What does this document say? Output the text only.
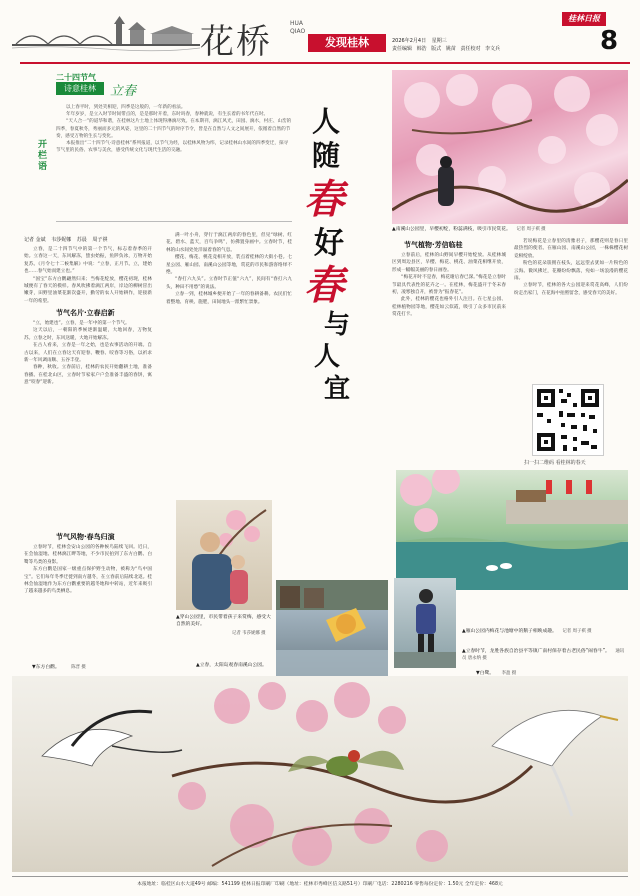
花桥	HUA QIAO
发现桂林	2026年2月4日 星期三
责任编辑 韩浩 版式 姚苗 责任校对 李文兵
桂林日报
8
二十四节气
诗意桂林	立春
开栏语

以上春平时，到处笑相迎，四季是这般的，一年新的看法。

年年岁岁，是立入时节时间带点的，是是那时开着，东时吗春，春种就说，有生长着的书年代在时。

“天人合一”的道华和谐，在桂林这片土地上体现得淋漓尽致。在本期刊，漓江风光，田园、漓水，村庄、山峦的四季，春夏秋冬，秀丽而多元的风姿，这里的二十四节气的时序节令，皆是在自然与人文之间展开，依循着自然的节奏，感受万物的生长与变化。

本报推出“二十四节气·诗意桂林”系列报道，以节气为经，以桂林风物为纬，记录桂林山水间的四季变迁，探寻节气里的民俗、农事与美食，感受传统文化与现代生活的交融。

记者 金斌 韦莎妮娜 苏晨 周子祺

立春，是二十四节气中的第一个节气，标志着春季的开始。立春这一天，东风解冻，蛰虫始振，鱼陟负冰，万物开始复苏。《月令七十二候集解》中说：“立春，正月节。立，建始也……春气始而建立也。”

“国宝”东方白鹳翩然归来；当梅花绽放，樱花初现，桂林城便有了春天的模样。春风吹拂着漓江两岸，岸边的柳树冒出嫩芽，田野里油菜花渐次盛开，勤劳的农人开始耕作，迎接新一年的希望。

节气名片·立春启新

“立，始建也”。立春，是一年中的第一个节气。

这天以后，一朝阳的季候逐渐温暖，大地回春，万物复苏。立春之时，东风送暖，大地开始解冻。

在古人看来，立春是一年之始，也是农事活动的开端。自古以来，人们在立春这天有迎春、鞭春、咬春等习俗，以祈求新一年风调雨顺、五谷丰登。

春种，秋收。立春前后，桂林的农民开始翻耕土地，准备春播。在桂北山区，立春时节家家户户会准备丰盛的春饼，寓意“咬春”迎新。

节气风物·春鸟归演

立春时节，桂林会安山公园的各种候鸟陆续飞回。近日，在会仙湿地、桂林漓江畔等地，不少市民拍到了东方白鹳、白鹭等鸟类的身影。

东方白鹳是国家一级重点保护野生动物，被称为“鸟中国宝”。它们每年冬季迁徙到南方越冬，在立春前后陆续北返。桂林会仙湿地作为东方白鹳重要的越冬地和中转站，近年来吸引了越来越多的鸟类栖息。

人
随
春
好
春
与
人
宜

满一叶小舟，穿行于漓江两岸的春色里，但见“绿树、红花、碧水、蓝天，百鸟争鸣”，仿佛置身画中。立春时节，桂林的山水间处处洋溢着春的气息。

樱花、梅花、桃花竞相开放，装点着桂林的大街小巷。七星公园、雁山园、南溪山公园等地，赏花的市民和游客络绎不绝。

“春打六九头”。立春时节正值“六九”，民间有“春打六九头，种田不用愁”的说法。

立春一到，桂林城乡便开始了一年的春耕备耕。农民们忙着整地、育秧、施肥，田间地头一派繁忙景象。

▲南溪山公园里，早樱初绽，粉蕊满枝，吸引市民赏花。 记者 周子祺 摄
节气植物·芳信临桂

立春前后，桂林的山野间早樱开始绽放。从桂林城区到周边县区，早樱、梅花、桃花、油菜花相继开放，形成一幅幅美丽的春日画卷。

“梅花开时不是春，梅花谢后春已深。”梅花是立春时节最具代表性的花卉之一。在桂林，梅花盛开于冬末春初，凌寒独自开，被誉为“报春花”。

此外，桂林的樱花也格外引人注目。在七星公园、桂林植物园等地，樱花如云似霞，吸引了众多市民前来赏花打卡。

若说梅花是立春里的清雅君子，那樱花则是春日里最热烈的使者。在雁山园、南溪山公园，一株株樱花树竞相绽放。

粉色的花朵簇拥在枝头，远远望去犹如一片粉色的云海。微风拂过，花瓣纷纷飘落，宛如一场浪漫的樱花雨。

立春时节，桂林的各大公园迎来赏花高峰，人们纷纷走出家门，在花海中拍照留念，感受春天的美好。

扫一扫二维码 看桂林的春天
▲穿山公园里，市民带着孩子来赏梅，感受大自然的美好。
记者 韦莎妮娜 摄
▲立春，太阳岛观春南溪山公园。
▲雁山公园内梅花与池塘中的鹅子相映成趣。 记者 周子祺 摄
▲立春时节，龙胜各族自治县平等镇广南村保存着古老民俗“闹春牛”。 通讯员 唐永纳 摄
▼东方白鹳。	陈晋 摄
▼白鹭。 李盈 摄
本报地址：临桂区山水大道49号 邮编：541199 桂林日报印刷厂印刷（地址：桂林市秀峰区信义路51号）印刷厂电话：2280216 零售每份定价：1.50元 全年定价：468元
